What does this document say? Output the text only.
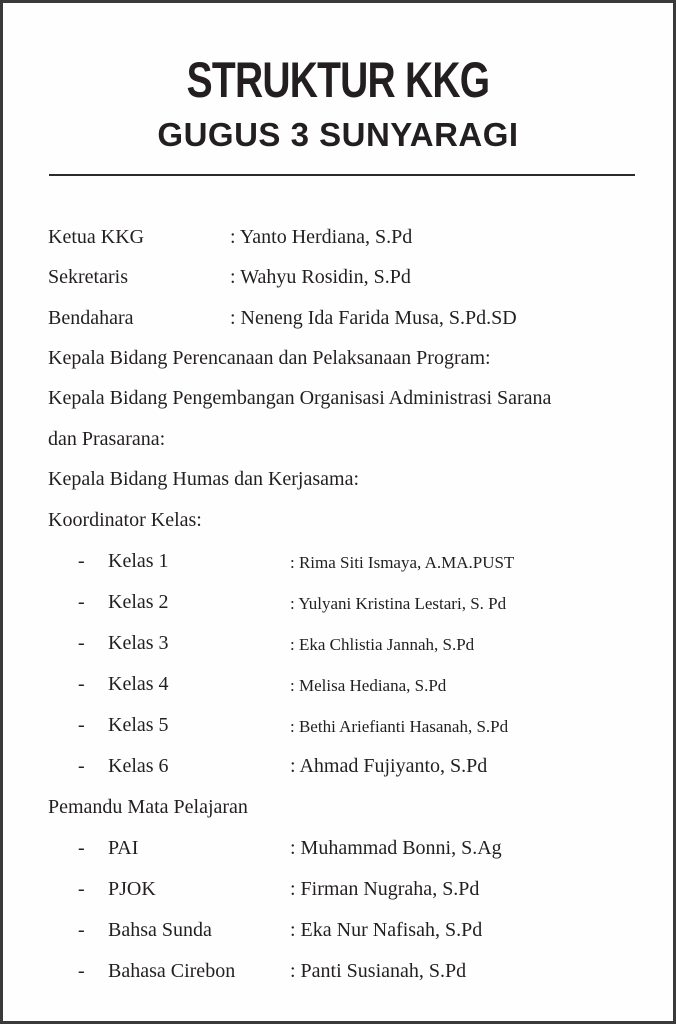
STRUKTUR KKG
GUGUS 3 SUNYARAGI
Ketua KKG	: Yanto Herdiana, S.Pd
Sekretaris	: Wahyu Rosidin, S.Pd
Bendahara	: Neneng Ida Farida Musa, S.Pd.SD
Kepala Bidang Perencanaan dan Pelaksanaan Program:
Kepala Bidang Pengembangan Organisasi Administrasi Sarana
dan Prasarana:
Kepala Bidang Humas dan Kerjasama:
Koordinator Kelas:
- Kelas 1	: Rima Siti Ismaya, A.MA.PUST
- Kelas 2	: Yulyani Kristina Lestari, S. Pd
- Kelas 3	: Eka Chlistia Jannah, S.Pd
- Kelas 4	: Melisa Hediana, S.Pd
- Kelas 5	: Bethi Ariefianti Hasanah, S.Pd
- Kelas 6	: Ahmad Fujiyanto, S.Pd
Pemandu Mata Pelajaran
- PAI	: Muhammad Bonni, S.Ag
- PJOK	: Firman Nugraha, S.Pd
- Bahsa Sunda	: Eka Nur Nafisah, S.Pd
- Bahasa Cirebon	: Panti Susianah, S.Pd
